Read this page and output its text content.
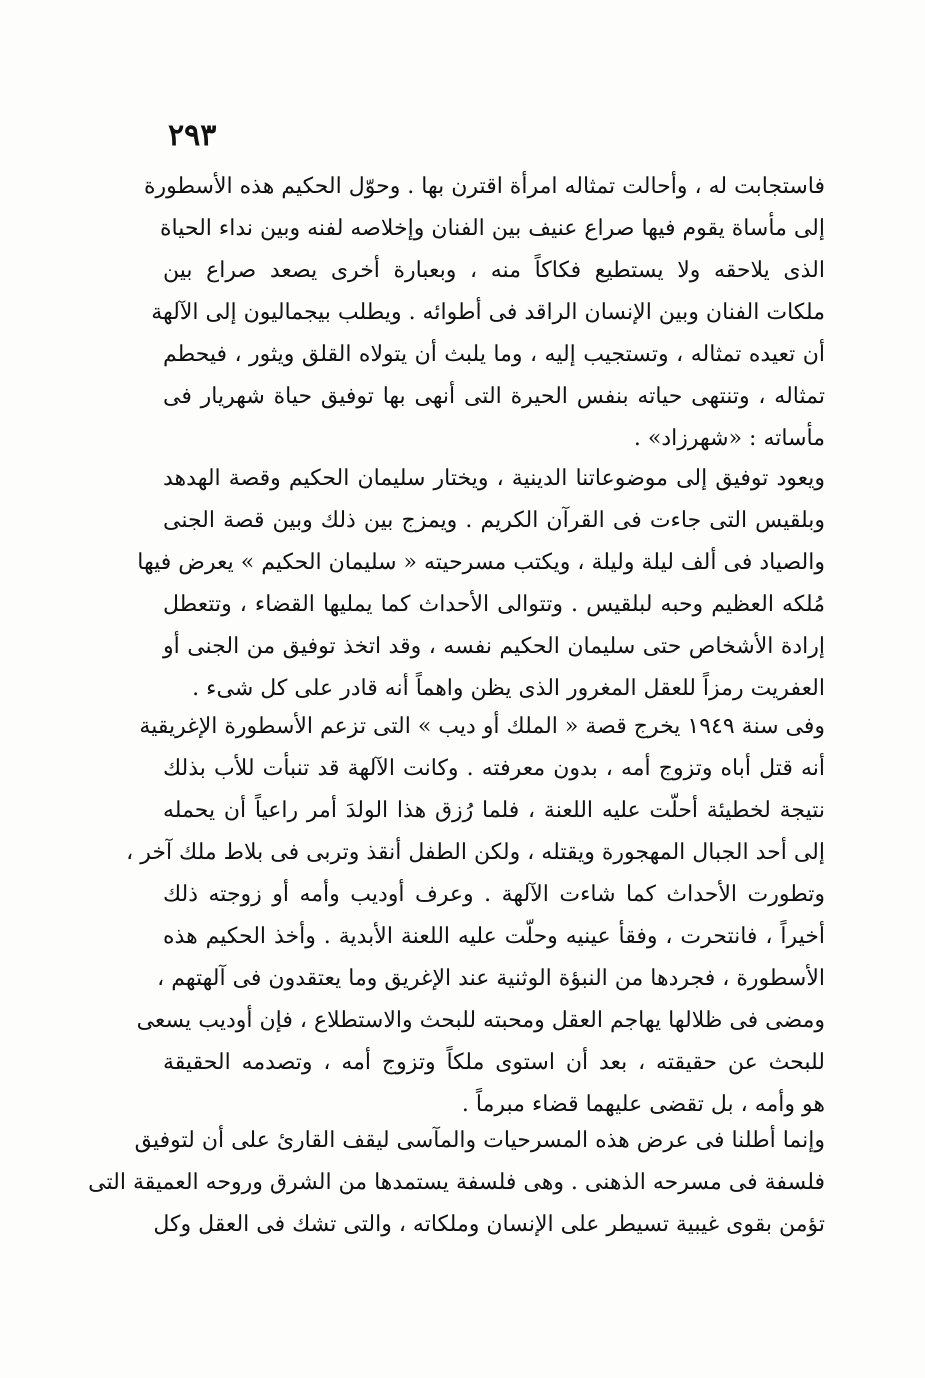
٢٩٣
فاستجابت له ، وأحالت تمثاله امرأة اقترن بها . وحوّل الحكيم هذه الأسطورة
إلى مأساة يقوم فيها صراع عنيف بين الفنان وإخلاصه لفنه وبين نداء الحياة
الذى يلاحقه ولا يستطيع فكاكاً منه ، وبعبارة أخرى يصعد صراع بين
ملكات الفنان وبين الإنسان الراقد فى أطوائه . ويطلب بيجماليون إلى الآلهة
أن تعيده تمثاله ، وتستجيب إليه ، وما يلبث أن يتولاه القلق ويثور ، فيحطم
تمثاله ، وتنتهى حياته بنفس الحيرة التى أنهى بها توفيق حياة شهريار فى
مأساته : «شهرزاد» .
ويعود توفيق إلى موضوعاتنا الدينية ، ويختار سليمان الحكيم وقصة الهدهد
وبلقيس التى جاءت فى القرآن الكريم . ويمزج بين ذلك وبين قصة الجنى
والصياد فى ألف ليلة وليلة ، ويكتب مسرحيته « سليمان الحكيم » يعرض فيها
مُلكه العظيم وحبه لبلقيس . وتتوالى الأحداث كما يمليها القضاء ، وتتعطل
إرادة الأشخاص حتى سليمان الحكيم نفسه ، وقد اتخذ توفيق من الجنى أو
العفريت رمزاً للعقل المغرور الذى يظن واهماً أنه قادر على كل شىء .
وفى سنة ١٩٤٩ يخرج قصة « الملك أو ديب » التى تزعم الأسطورة الإغريقية
أنه قتل أباه وتزوج أمه ، بدون معرفته . وكانت الآلهة قد تنبأت للأب بذلك
نتيجة لخطيئة أحلّت عليه اللعنة ، فلما رُزق هذا الولدَ أمر راعياً أن يحمله
إلى أحد الجبال المهجورة ويقتله ، ولكن الطفل أنقذ وتربى فى بلاط ملك آخر ،
وتطورت الأحداث كما شاءت الآلهة . وعرف أوديب وأمه أو زوجته ذلك
أخيراً ، فانتحرت ، وفقأ عينيه وحلّت عليه اللعنة الأبدية . وأخذ الحكيم هذه
الأسطورة ، فجردها من النبؤة الوثنية عند الإغريق وما يعتقدون فى آلهتهم ،
ومضى فى ظلالها يهاجم العقل ومحبته للبحث والاستطلاع ، فإن أوديب يسعى
للبحث عن حقيقته ، بعد أن استوى ملكاً وتزوج أمه ، وتصدمه الحقيقة
هو وأمه ، بل تقضى عليهما قضاء مبرماً .
وإنما أطلنا فى عرض هذه المسرحيات والمآسى ليقف القارئ على أن لتوفيق
فلسفة فى مسرحه الذهنى . وهى فلسفة يستمدها من الشرق وروحه العميقة التى
تؤمن بقوى غيبية تسيطر على الإنسان وملكاته ، والتى تشك فى العقل وكل
